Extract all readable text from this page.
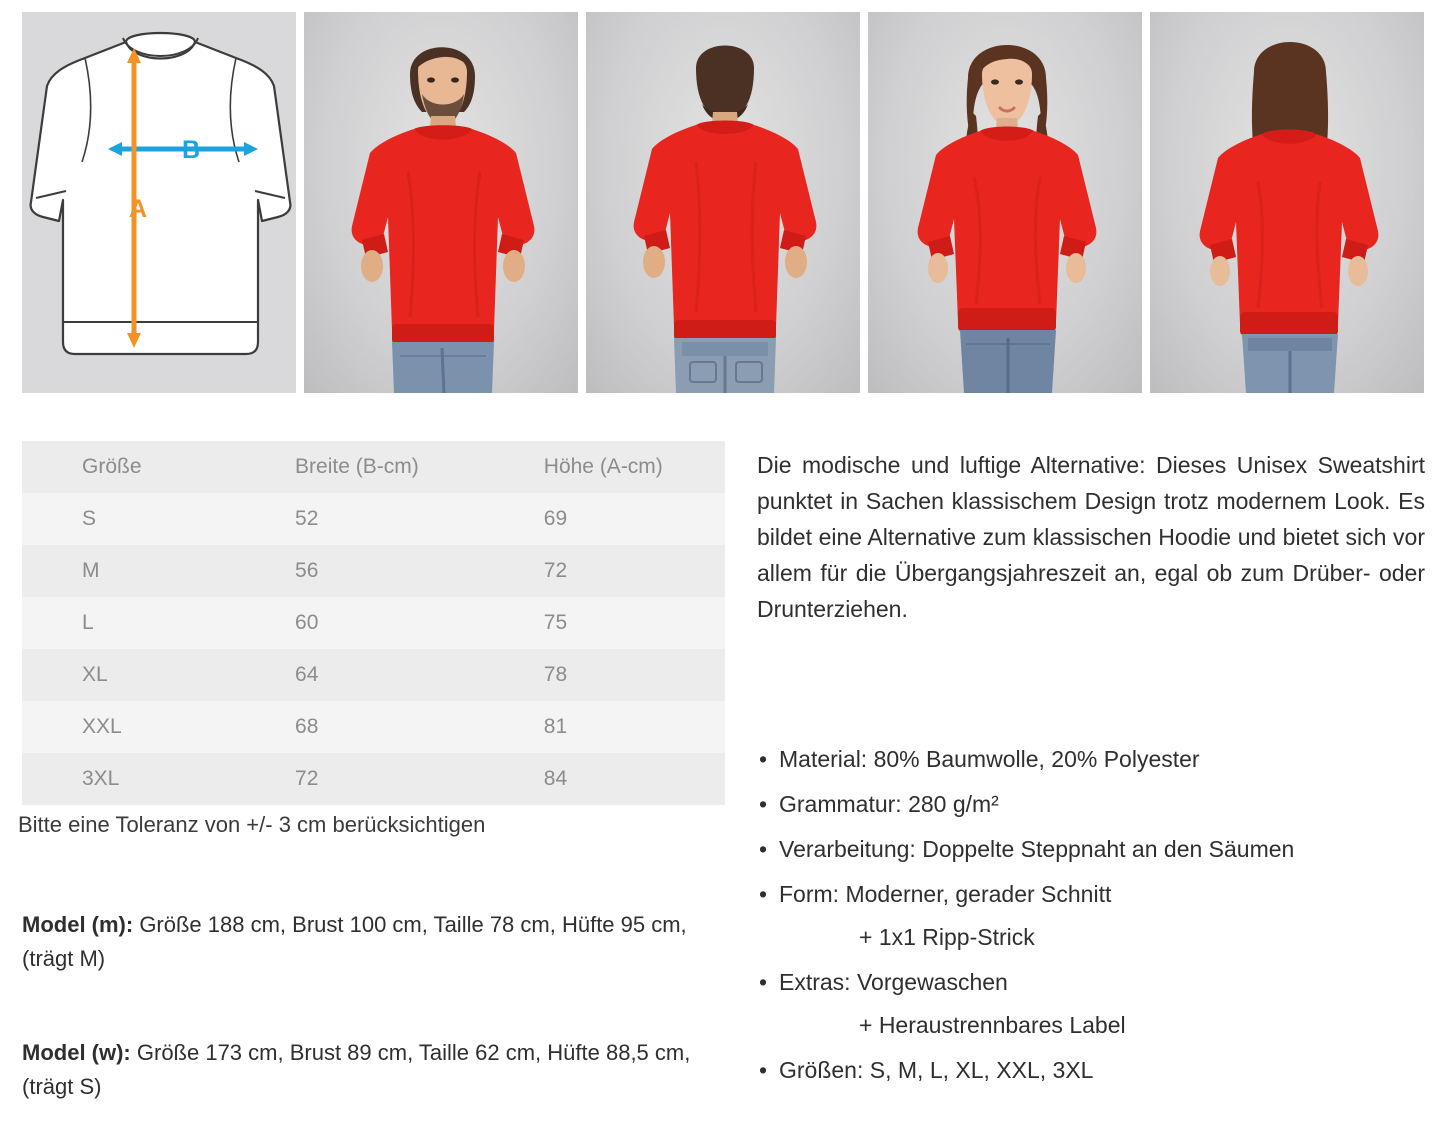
B
A
Größe	Breite (B-cm)	Höhe (A-cm)
S	52	69
M	56	72
L	60	75
XL	64	78
XXL	68	81
3XL	72	84
Bitte eine Toleranz von +/- 3 cm berücksichtigen
Model (m): Größe 188 cm, Brust 100 cm, Taille 78 cm, Hüfte 95 cm, (trägt M)
Model (w): Größe 173 cm, Brust 89 cm, Taille 62 cm, Hüfte 88,5 cm, (trägt S)
Die modische und luftige Alternative: Dieses Unisex Sweatshirt punktet in Sachen klassischem Design trotz modernem Look. Es bildet eine Alternative zum klassischen Hoodie und bietet sich vor allem für die Übergangsjahreszeit an, egal ob zum Drüber- oder Drunterziehen.
• Material: 80% Baumwolle, 20% Polyester
• Grammatur: 280 g/m²
• Verarbeitung: Doppelte Steppnaht an den Säumen
• Form: Moderner, gerader Schnitt
+ 1x1 Ripp-Strick
• Extras: Vorgewaschen
+ Heraustrennbares Label
• Größen: S, M, L, XL, XXL, 3XL
